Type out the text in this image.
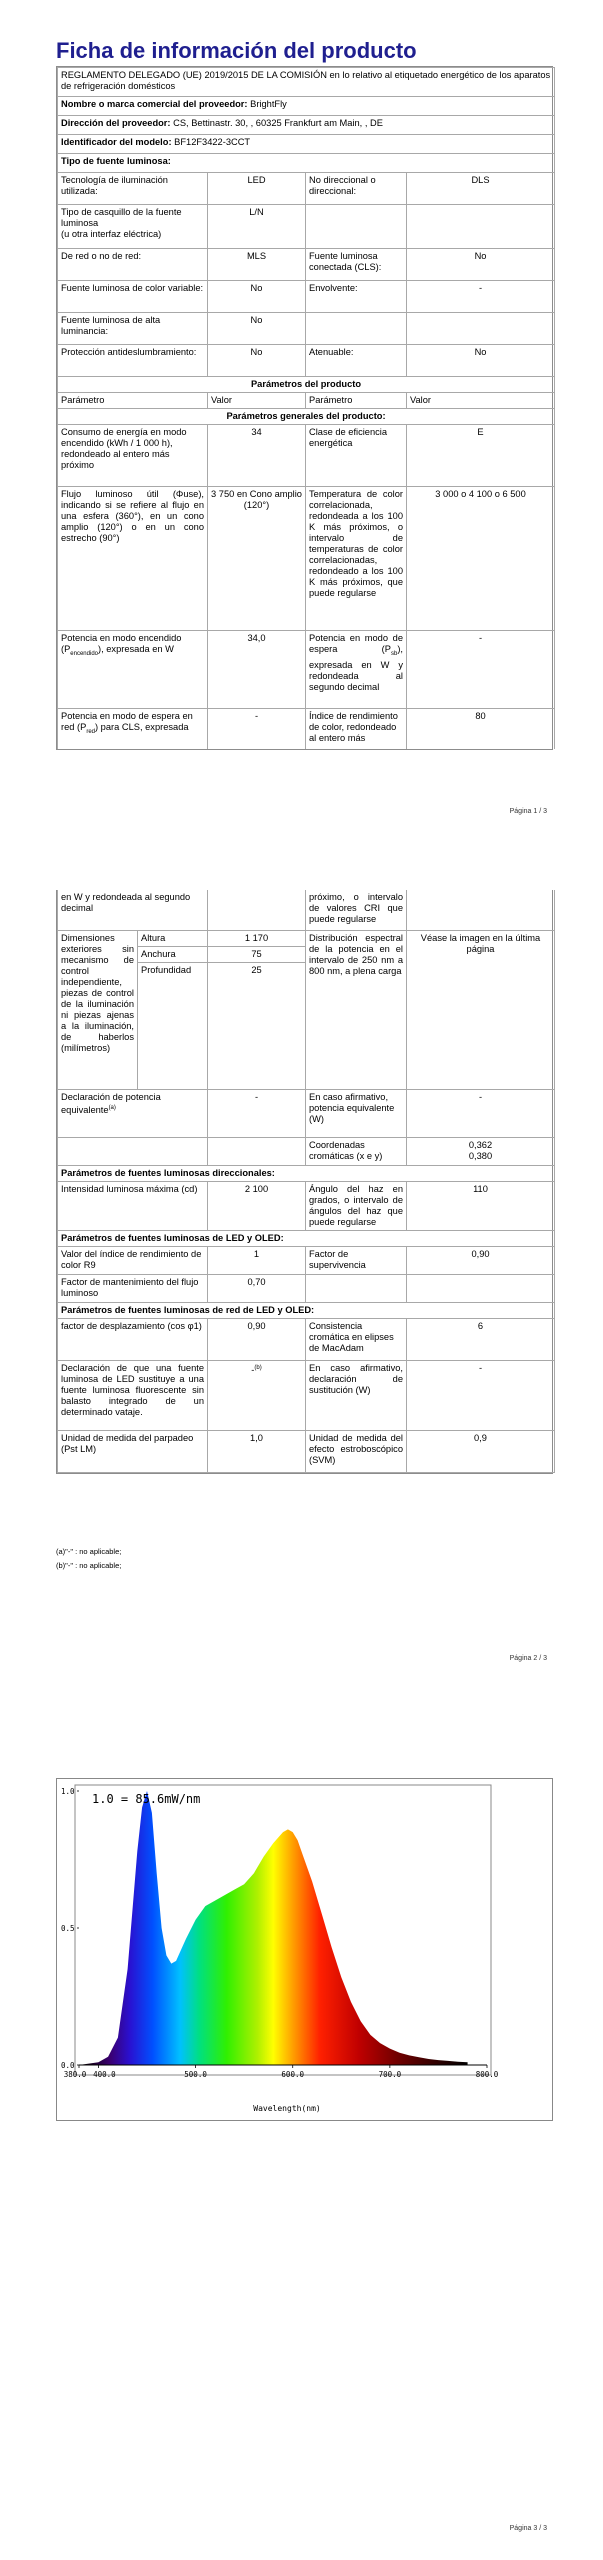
Ficha de información del producto
REGLAMENTO DELEGADO (UE) 2019/2015 DE LA COMISIÓN en lo relativo al etiquetado energético de los aparatos de refrigeración domésticos			
Nombre o marca comercial del proveedor: BrightFly			
Dirección del proveedor: CS, Bettinastr. 30, , 60325 Frankfurt am Main, , DE			
Identificador del modelo: BF12F3422-3CCT			
Tipo de fuente luminosa:			
Tecnología de iluminación utilizada:	LED	No direccional o direccional:	DLS
Tipo de casquillo de la fuente luminosa
(u otra interfaz eléctrica)	L/N		
De red o no de red:	MLS	Fuente luminosa conectada (CLS):	No
Fuente luminosa de color variable:	No	Envolvente:	-
Fuente luminosa de alta luminancia:	No		
Protección antideslumbramiento:	No	Atenuable:	No
Parámetros del producto			
Parámetro	Valor	Parámetro	Valor
Parámetros generales del producto:			
Consumo de energía en modo encendido (kWh / 1 000 h), redondeado al entero más próximo	34	Clase de eficiencia energética	E
Flujo luminoso útil (Φuse), indicando si se refiere al flujo en una esfera (360°), en un cono amplio (120°) o en un cono estrecho (90°)	3 750 en Cono amplio (120°)	Temperatura de color correlacionada, redondeada a los 100 K más próximos, o intervalo de temperaturas de color correlacionadas, redondeado a los 100 K más próximos, que puede regularse	3 000 o 4 100 o 6 500
Potencia en modo encendido $(P_{encendido})$, expresada en W	34,0	Potencia en modo de espera $(P_{sb})$, expresada en W y redondeada al segundo decimal	-
Potencia en modo de espera en red $(P_{red})$ para CLS, expresada	-	Índice de rendimiento de color, redondeado al entero más	80
Página 1 / 3
en W y redondeada al segundo decimal			próximo, o intervalo de valores CRI que puede regularse	
Dimensiones exteriores sin mecanismo de control independiente, piezas de control de la iluminación ni piezas ajenas a la iluminación, de haberlos (milímetros)	Altura	1 170	Distribución espectral de la potencia en el intervalo de 250 nm a 800 nm, a plena carga	Véase la imagen en la última página
	Anchura	75		
	Profundidad	25		
Declaración de potencia equivalente$^{(a)}$		-	En caso afirmativo, potencia equivalente (W)	-
			Coordenadas cromáticas (x e y)	0,362
0,380
Parámetros de fuentes luminosas direccionales:				
Intensidad luminosa máxima (cd)		2 100	Ángulo del haz en grados, o intervalo de ángulos del haz que puede regularse	110
Parámetros de fuentes luminosas de LED y OLED:				
Valor del índice de rendimiento de color R9		1	Factor de supervivencia	0,90
Factor de mantenimiento del flujo luminoso		0,70		
Parámetros de fuentes luminosas de red de LED y OLED:				
factor de desplazamiento (cos φ1)		0,90	Consistencia cromática en elipses de MacAdam	6
Declaración de que una fuente luminosa de LED sustituye a una fuente luminosa fluorescente sin balasto integrado de un determinado vataje.		-$^{(b)}$	En caso afirmativo, declaración de sustitución (W)	-
Unidad de medida del parpadeo (Pst LM)		1,0	Unidad de medida del efecto estroboscópico (SVM)	0,9
(a)"-" : no aplicable;
(b)"-" : no aplicable;
Página 2 / 3
Página 3 / 3
380.0 400.0	500.0	600.0	700.0	800.0
0.0
0.5
1.0
1.0 = 85.6mW/nm
Wavelength(nm)
